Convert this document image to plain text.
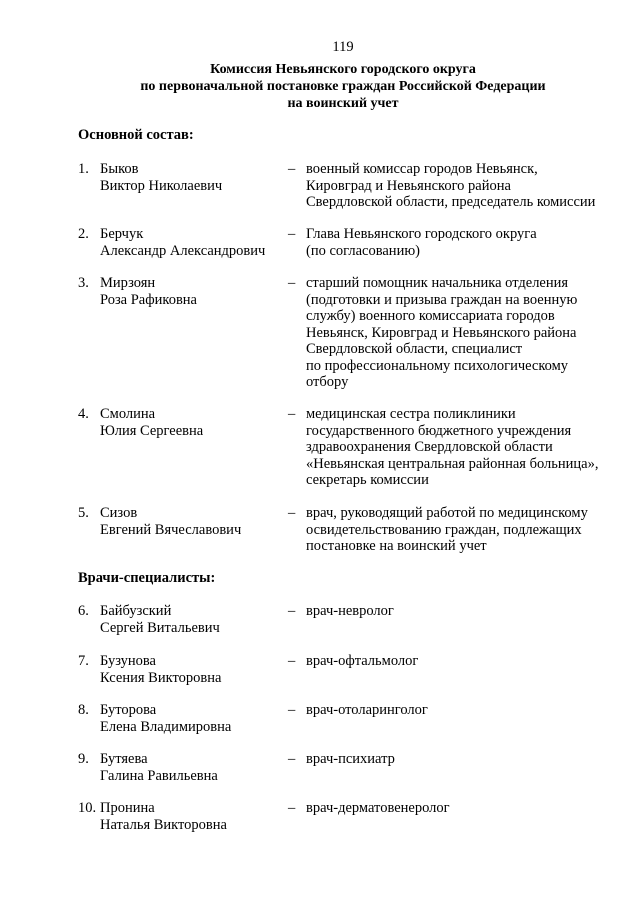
119
Комиссия Невьянского городского округа
по первоначальной постановке граждан Российской Федерации
на воинский учет
Основной состав:
1. Быков
Виктор Николаевич
– военный комиссар городов Невьянск,
Кировград и Невьянского района
Свердловской области, председатель комиссии
2. Берчук
Александр Александрович
– Глава Невьянского городского округа
(по согласованию)
3. Мирзоян
Роза Рафиковна
– старший помощник начальника отделения
(подготовки и призыва граждан на военную
службу) военного комиссариата городов
Невьянск, Кировград и Невьянского района
Свердловской области, специалист
по профессиональному психологическому
отбору
4. Смолина
Юлия Сергеевна
– медицинская сестра поликлиники
государственного бюджетного учреждения
здравоохранения Свердловской области
«Невьянская центральная районная больница»,
секретарь комиссии
5. Сизов
Евгений Вячеславович
– врач, руководящий работой по медицинскому
освидетельствованию граждан, подлежащих
постановке на воинский учет
Врачи-специалисты:
6. Байбузский
Сергей Витальевич
– врач-невролог
7. Бузунова
Ксения Викторовна
– врач-офтальмолог
8. Буторова
Елена Владимировна
– врач-отоларинголог
9. Бутяева
Галина Равильевна
– врач-психиатр
10. Пронина
Наталья Викторовна
– врач-дерматовенеролог
